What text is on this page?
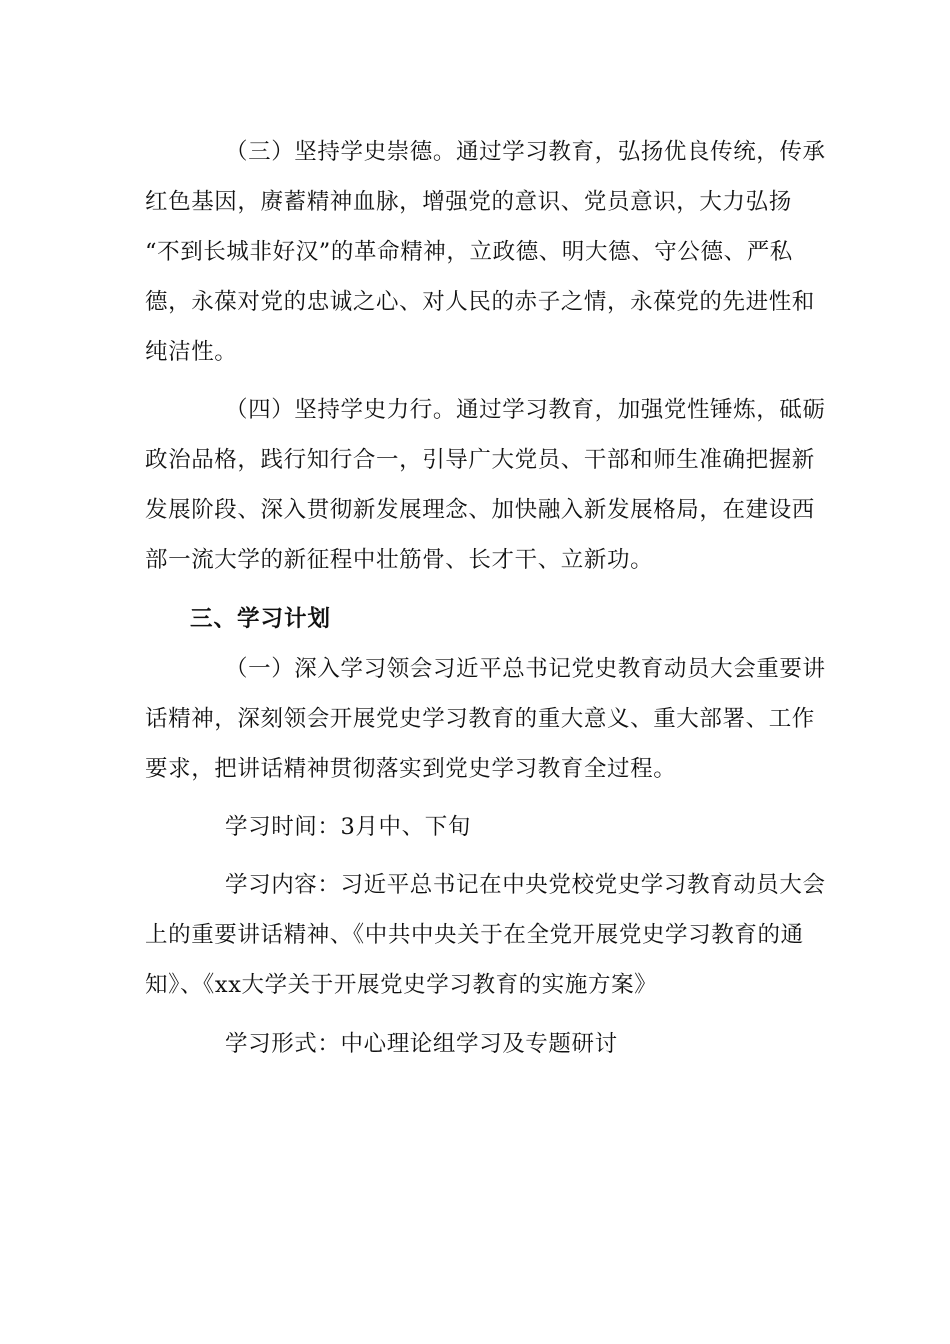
（三）坚持学史崇德。通过学习教育，弘扬优良传统，传承
红色基因，赓蓄精神血脉，增强党的意识、党员意识，大力弘扬
“不到长城非好汉”的革命精神，立政德、明大德、守公德、严私
德，永葆对党的忠诚之心、对人民的赤子之情，永葆党的先进性和
纯洁性。
（四）坚持学史力行。通过学习教育，加强党性锤炼，砥砺
政治品格，践行知行合一，引导广大党员、干部和师生准确把握新
发展阶段、深入贯彻新发展理念、加快融入新发展格局，在建设西
部一流大学的新征程中壮筋骨、长才干、立新功。
三、学习计划
（一）深入学习领会习近平总书记党史教育动员大会重要讲
话精神，深刻领会开展党史学习教育的重大意义、重大部署、工作
要求，把讲话精神贯彻落实到党史学习教育全过程。
学习时间：3月中、下旬
学习内容：习近平总书记在中央党校党史学习教育动员大会
上的重要讲话精神、《中共中央关于在全党开展党史学习教育的通
知》、《xx大学关于开展党史学习教育的实施方案》
学习形式：中心理论组学习及专题研讨
